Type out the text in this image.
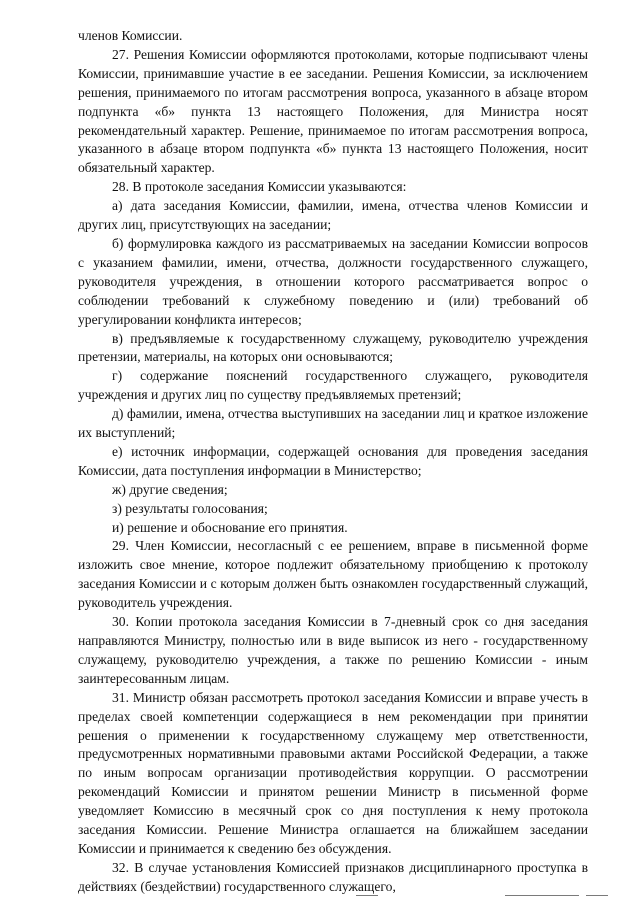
членов Комиссии.

27. Решения Комиссии оформляются протоколами, которые подписывают члены Комиссии, принимавшие участие в ее заседании. Решения Комиссии, за исключением решения, принимаемого по итогам рассмотрения вопроса, указанного в абзаце втором подпункта «б» пункта 13 настоящего Положения, для Министра носят рекомендательный характер. Решение, принимаемое по итогам рассмотрения вопроса, указанного в абзаце втором подпункта «б» пункта 13 настоящего Положения, носит обязательный характер.

28. В протоколе заседания Комиссии указываются:

а) дата заседания Комиссии, фамилии, имена, отчества членов Комиссии и других лиц, присутствующих на заседании;

б) формулировка каждого из рассматриваемых на заседании Комиссии вопросов с указанием фамилии, имени, отчества, должности государственного служащего, руководителя учреждения, в отношении которого рассматривается вопрос о соблюдении требований к служебному поведению и (или) требований об урегулировании конфликта интересов;

в) предъявляемые к государственному служащему, руководителю учреждения претензии, материалы, на которых они основываются;

г) содержание пояснений государственного служащего, руководителя учреждения и других лиц по существу предъявляемых претензий;

д) фамилии, имена, отчества выступивших на заседании лиц и краткое изложение их выступлений;

е) источник информации, содержащей основания для проведения заседания Комиссии, дата поступления информации в Министерство;

ж) другие сведения;

з) результаты голосования;

и) решение и обоснование его принятия.

29. Член Комиссии, несогласный с ее решением, вправе в письменной форме изложить свое мнение, которое подлежит обязательному приобщению к протоколу заседания Комиссии и с которым должен быть ознакомлен государственный служащий, руководитель учреждения.

30. Копии протокола заседания Комиссии в 7-дневный срок со дня заседания направляются Министру, полностью или в виде выписок из него - государственному служащему, руководителю учреждения, а также по решению Комиссии - иным заинтересованным лицам.

31. Министр обязан рассмотреть протокол заседания Комиссии и вправе учесть в пределах своей компетенции содержащиеся в нем рекомендации при принятии решения о применении к государственному служащему мер ответственности, предусмотренных нормативными правовыми актами Российской Федерации, а также по иным вопросам организации противодействия коррупции. О рассмотрении рекомендаций Комиссии и принятом решении Министр в письменной форме уведомляет Комиссию в месячный срок со дня поступления к нему протокола заседания Комиссии. Решение Министра оглашается на ближайшем заседании Комиссии и принимается к сведению без обсуждения.

32. В случае установления Комиссией признаков дисциплинарного проступка в действиях (бездействии) государственного служащего,
